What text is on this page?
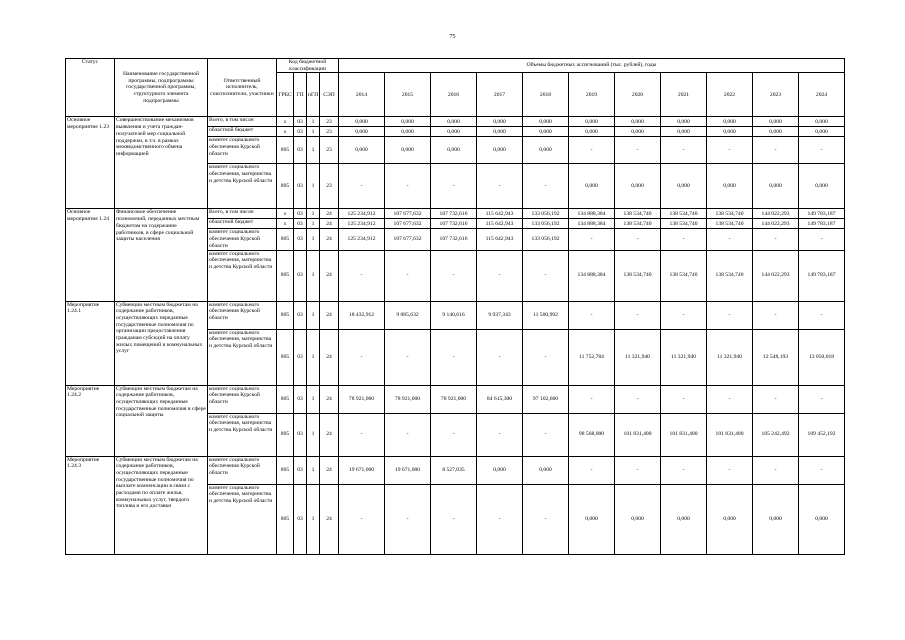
75
Статус	Наименование государственной программы, подпрограммы государственной программы, структурного элемента подпрограммы	Ответственный исполнитель, соисполнители, участники	Код бюджетной классификации				Объемы бюджетных ассигнований (тыс. рублей), годы										
			ГРБС	ГП	пГП	СЭП	2014	2015	2016	2017	2018	2019	2020	2021	2022	2023	2024
Основное мероприятие 1.23	Совершенствование механизмов выявления и учета граждан-получателей мер социальной поддержки, в т.ч. в рамках межведомственного обмена информацией	Всего, в том числе:	x	03	1	23	0,000	0,000	0,000	0,000	0,000	0,000	0,000	0,000	0,000	0,000	0,000
		областной бюджет	x	03	1	23	0,000	0,000	0,000	0,000	0,000	0,000	0,000	0,000	0,000	0,000	0,000
		комитет социального обеспечения Курской области	805	03	1	23	0,000	0,000	0,000	0,000	0,000	-	-	-	-	-	-
		комитет социального обеспечения, материнства и детства Курской области	805	03	1	23	-	-	-	-	-	0,000	0,000	0,000	0,000	0,000	0,000
Основное мероприятие 1.24	Финансовое обеспечение полномочий, переданных местным бюджетам на содержание работников, в сфере социальной защиты населения	Всего, в том числе:	x	03	1	24	125 234,912	107 677,632	107 732,616	115 642,943	133 056,192	134 888,384	138 534,740	138 534,740	138 534,740	144 022,293	149 783,187
		областной бюджет	x	03	1	24	125 234,912	107 677,632	107 732,616	115 642,943	133 056,192	134 888,384	138 534,740	138 534,740	138 534,740	144 022,293	149 783,187
		комитет социального обеспечения Курской области	805	03	1	24	125 234,912	107 677,632	107 732,616	115 642,943	133 056,192	-	-	-	-	-	-
		комитет социального обеспечения, материнства и детства Курской области	805	03	1	24	-	-	-	-	-	134 888,384	138 534,740	138 534,740	138 534,740	144 022,293	149 783,187
Мероприятие 1.24.1	Субвенции местным бюджетам на содержание работников, осуществляющих переданные государственные полномочия по организации предоставления гражданам субсидий на оплату жилых помещений и коммунальных услуг	комитет социального обеспечения Курской области	805	03	1	24	18 432,912	9 085,632	9 140,616	9 937,343	11 500,992	-	-	-	-	-	-
		комитет социального обеспечения, материнства и детства Курской области	805	03	1	24	-	-	-	-	-	11 752,784	11 321,940	11 321,940	11 321,940	12 548,193	13 050,018
Мероприятие 1.24.2	Субвенции местным бюджетам на содержание работников, осуществляющих переданные государственные полномочия в сфере социальной защиты	комитет социального обеспечения Курской области	805	03	1	24	78 921,000	78 921,000	78 921,000	84 615,300	97 102,600	-	-	-	-	-	-
		комитет социального обеспечения, материнства и детства Курской области	805	03	1	24	-	-	-	-	-	98 568,000	101 831,400	101 831,400	101 831,400	105 242,492	109 452,192
Мероприятие 1.24.3	Субвенции местным бюджетам на содержание работников, осуществляющих переданные государственные полномочия по выплате компенсации в связи с расходами по оплате жилья, коммунальных услуг, твердого топлива и его доставки	комитет социального обеспечения Курской области	805	03	1	24	19 671,000	19 671,000	8 527,035	0,000	0,000	-	-	-	-	-	-
		комитет социального обеспечения, материнства и детства Курской области	805	03	1	24	-	-	-	-	-	0,000	0,000	0,000	0,000	0,000	0,000
